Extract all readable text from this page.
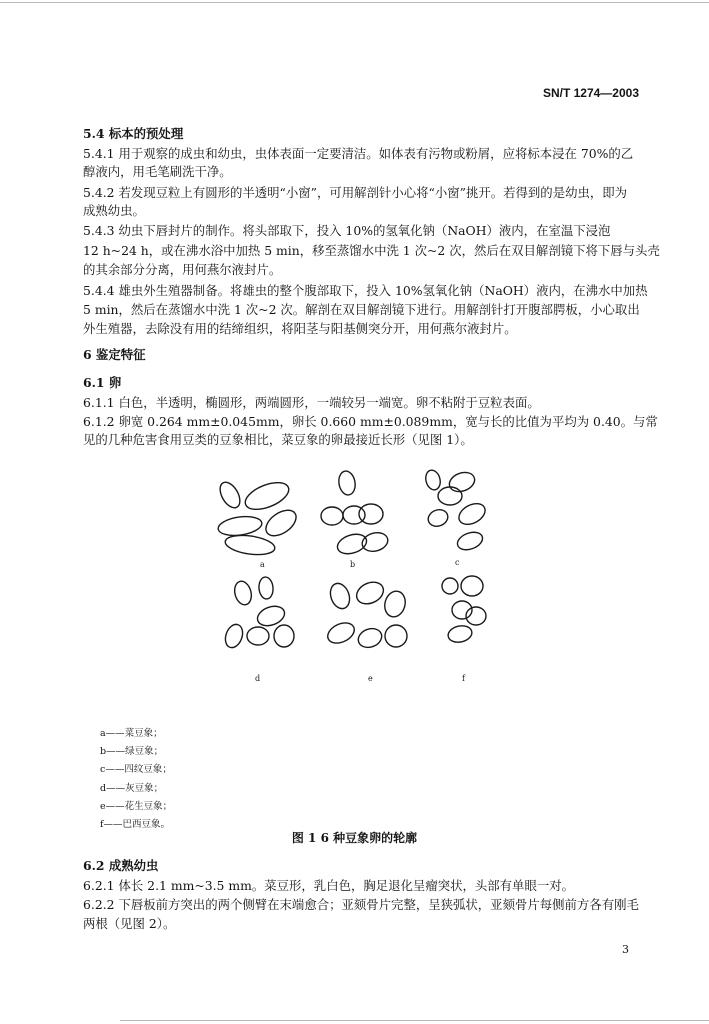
SN/T 1274—2003
5.4 标本的预处理
5.4.1 用于观察的成虫和幼虫，虫体表面一定要清洁。如体表有污物或粉屑，应将标本浸在 70%的乙
醇液内，用毛笔刷洗干净。
5.4.2 若发现豆粒上有圆形的半透明“小窗”，可用解剖针小心将“小窗”挑开。若得到的是幼虫，即为
成熟幼虫。
5.4.3 幼虫下唇封片的制作。将头部取下，投入 10%的氢氧化钠（NaOH）液内，在室温下浸泡
12 h~24 h，或在沸水浴中加热 5 min，移至蒸馏水中洗 1 次~2 次，然后在双目解剖镜下将下唇与头壳
的其余部分分离，用何燕尔液封片。
5.4.4 雄虫外生殖器制备。将雄虫的整个腹部取下，投入 10%氢氧化钠（NaOH）液内，在沸水中加热
5 min，然后在蒸馏水中洗 1 次~2 次。解剖在双目解剖镜下进行。用解剖针打开腹部腭板，小心取出
外生殖器，去除没有用的结缔组织，将阳茎与阳基侧突分开，用何燕尔液封片。
6 鉴定特征
6.1 卵
6.1.1 白色，半透明，椭圆形，两端圆形，一端较另一端宽。卵不粘附于豆粒表面。
6.1.2 卵宽 0.264 mm±0.045mm，卵长 0.660 mm±0.089mm，宽与长的比值为平均为 0.40。与常
见的几种危害食用豆类的豆象相比，菜豆象的卵最接近长形（见图 1）。
a	b	c
d	e	f
a——菜豆象；
b——绿豆象；
c——四纹豆象；
d——灰豆象；
e——花生豆象；
f——巴西豆象。
图 1 6 种豆象卵的轮廓
6.2 成熟幼虫
6.2.1 体长 2.1 mm~3.5 mm。菜豆形，乳白色，胸足退化呈瘤突状，头部有单眼一对。
6.2.2 下唇板前方突出的两个侧臂在末端愈合；亚颏骨片完整，呈狭弧状，亚颏骨片每侧前方各有刚毛
两根（见图 2）。
3
